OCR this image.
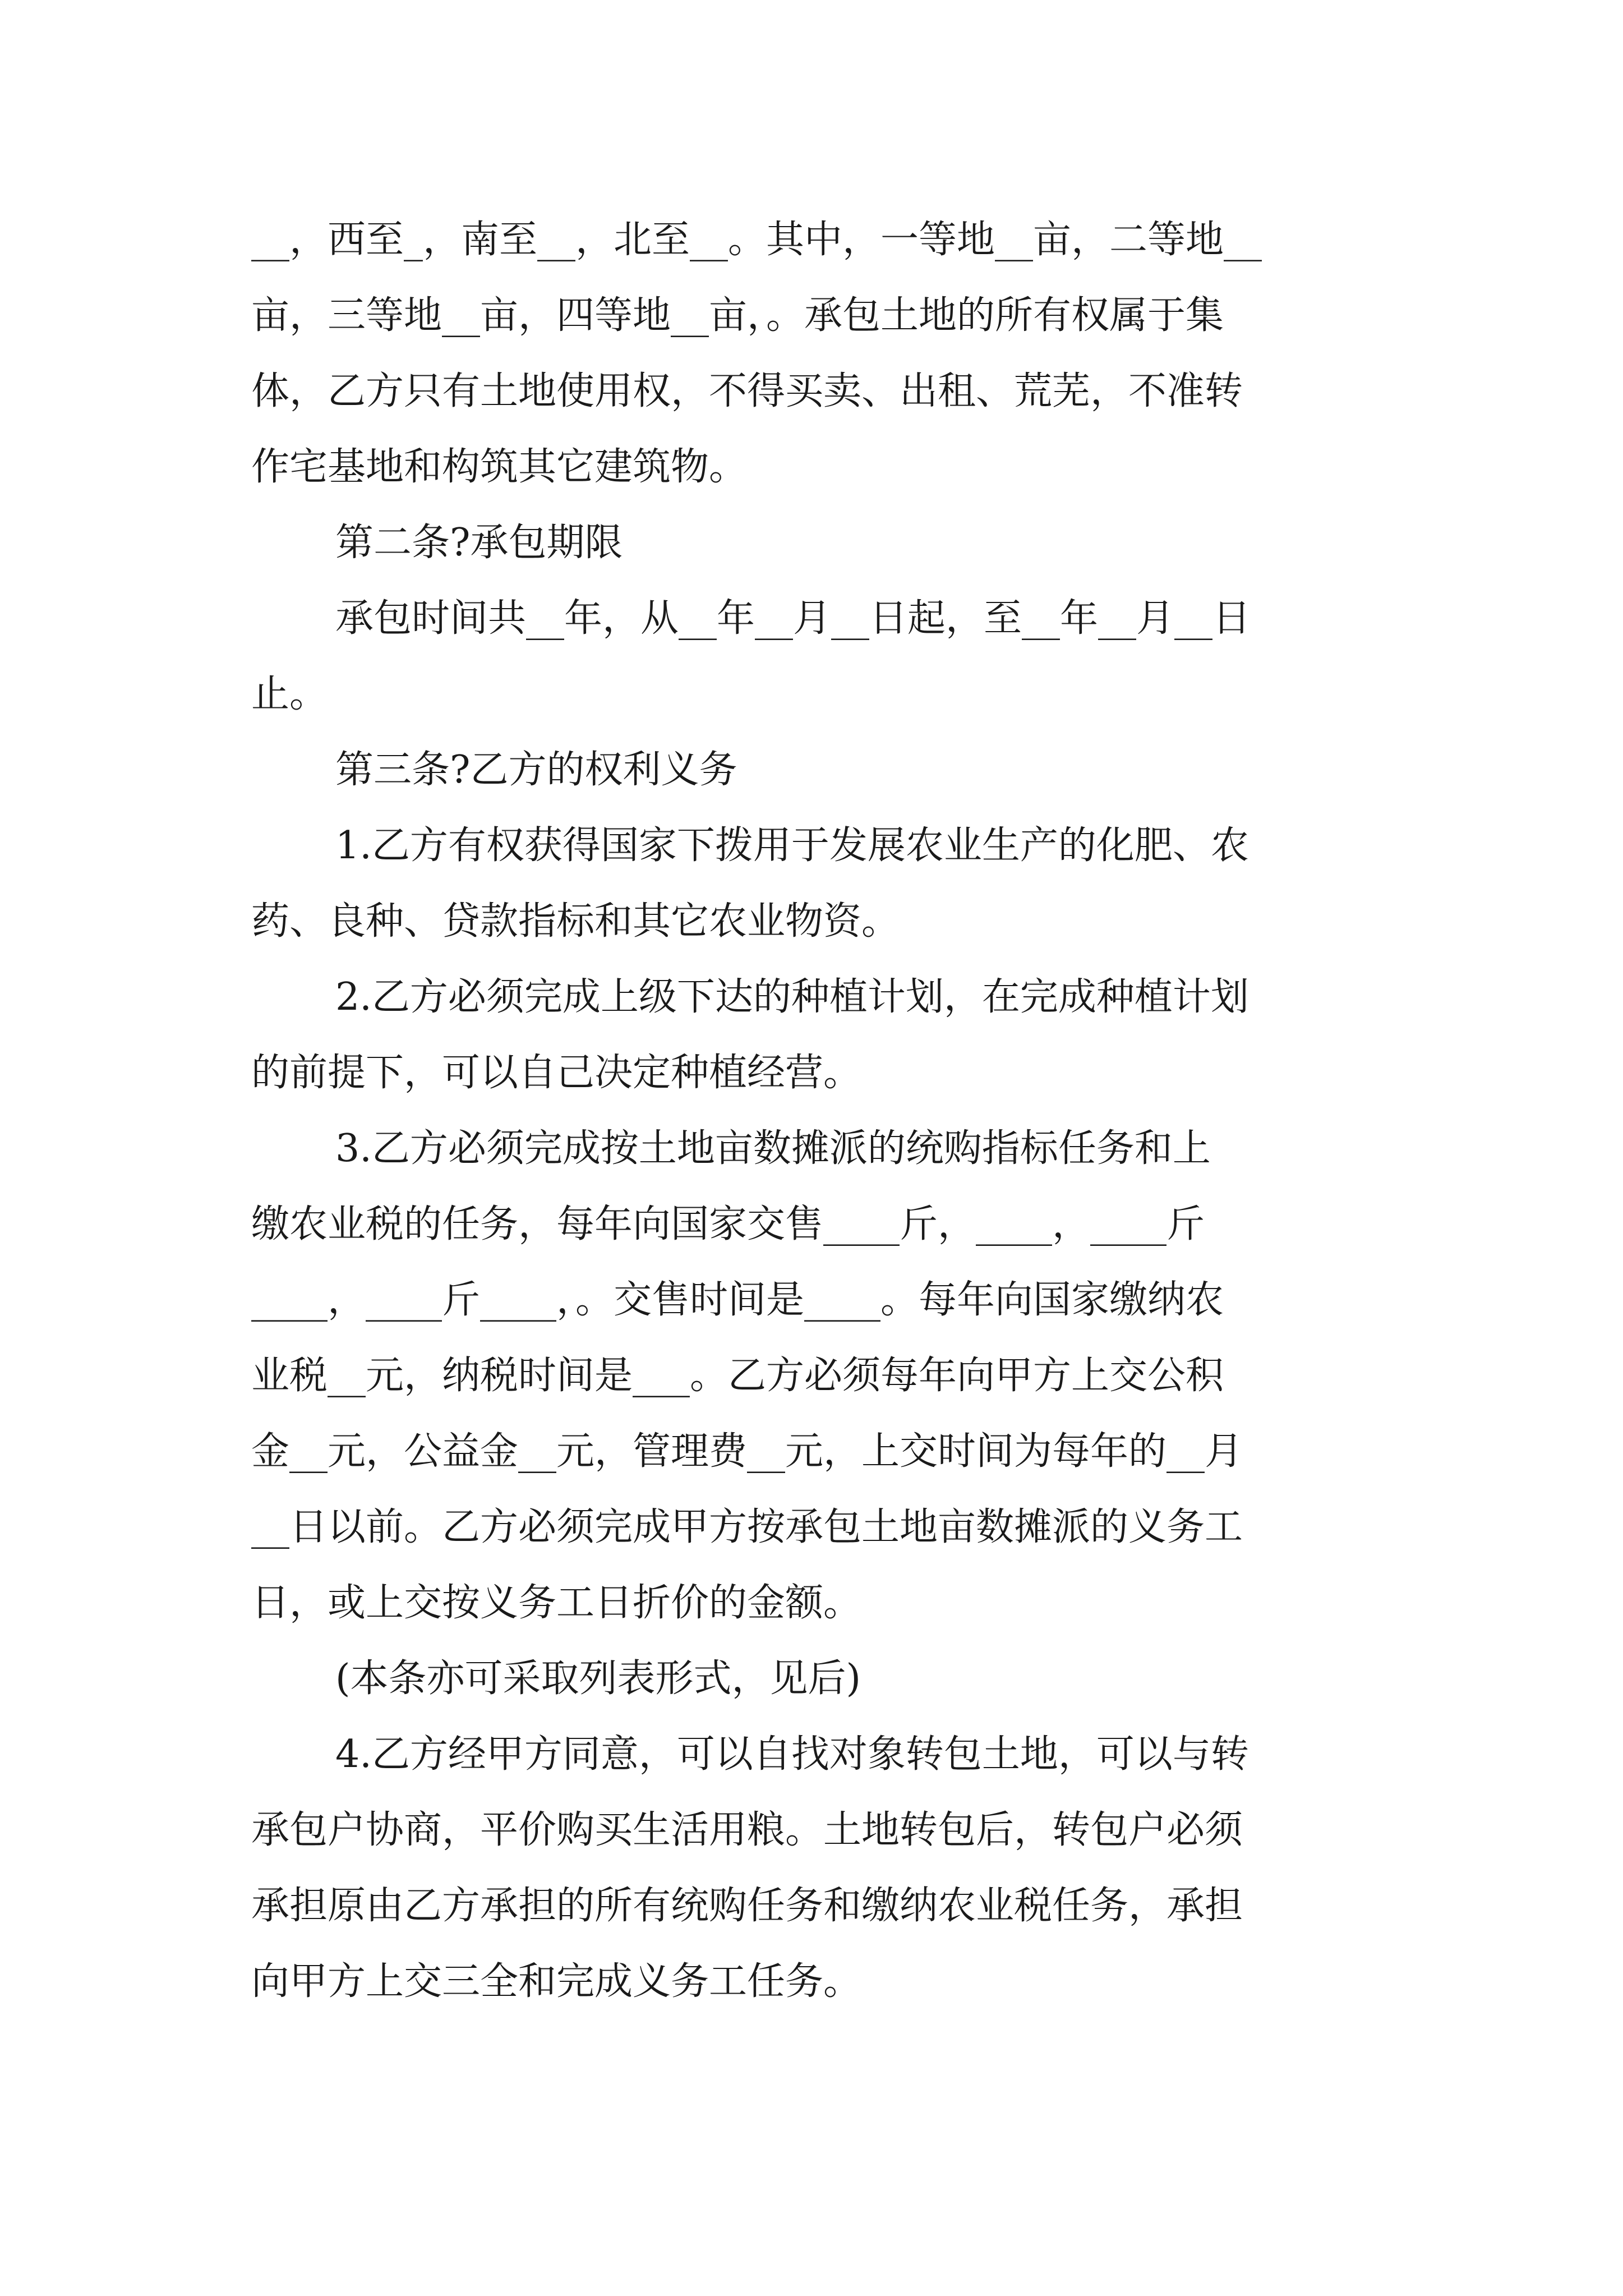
__，西至_，南至__，北至__。其中，一等地__亩，二等地__
亩，三等地__亩，四等地__亩，。承包土地的所有权属于集
体，乙方只有土地使用权，不得买卖、出租、荒芜，不准转
作宅基地和构筑其它建筑物。
第二条?承包期限
承包时间共__年，从__年__月__日起，至__年__月__日
止。
第三条?乙方的权利义务
1.乙方有权获得国家下拨用于发展农业生产的化肥、农
药、良种、贷款指标和其它农业物资。
2.乙方必须完成上级下达的种植计划，在完成种植计划
的前提下，可以自己决定种植经营。
3.乙方必须完成按土地亩数摊派的统购指标任务和上
缴农业税的任务，每年向国家交售____斤，____，____斤
____，____斤____，。交售时间是____。每年向国家缴纳农
业税__元，纳税时间是___。乙方必须每年向甲方上交公积
金__元，公益金__元，管理费__元，上交时间为每年的__月
__日以前。乙方必须完成甲方按承包土地亩数摊派的义务工
日，或上交按义务工日折价的金额。
(本条亦可采取列表形式，见后)
4.乙方经甲方同意，可以自找对象转包土地，可以与转
承包户协商，平价购买生活用粮。土地转包后，转包户必须
承担原由乙方承担的所有统购任务和缴纳农业税任务，承担
向甲方上交三全和完成义务工任务。
